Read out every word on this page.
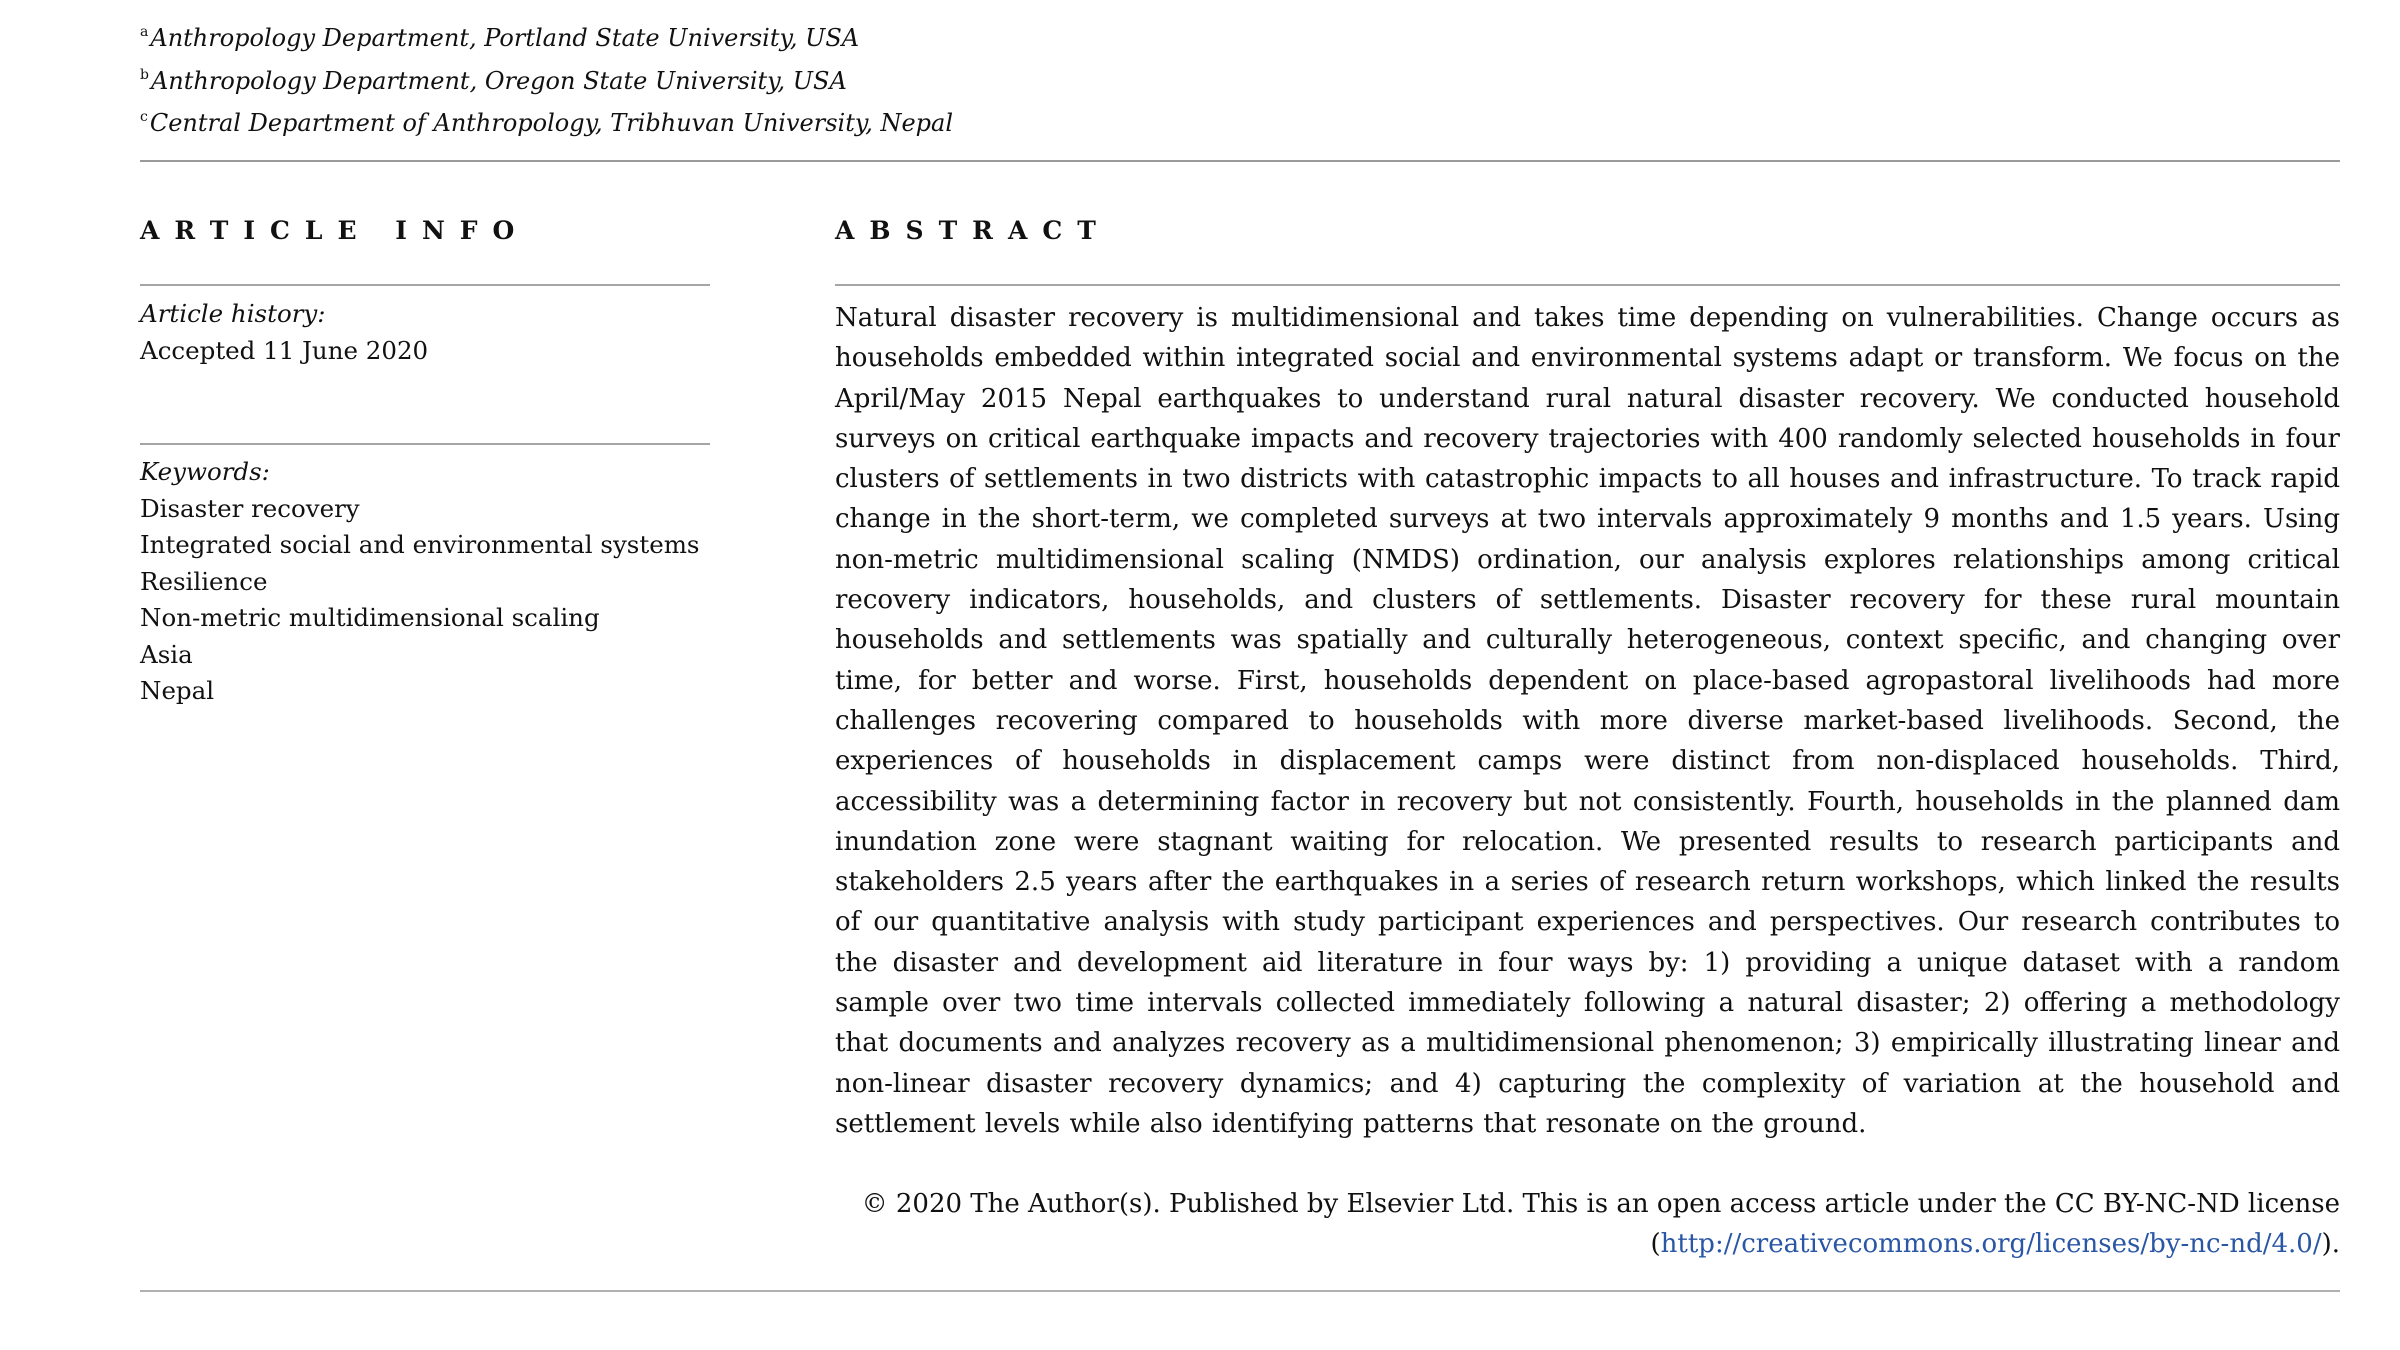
$^a$Anthropology Department, Portland State University, USA
$^b$Anthropology Department, Oregon State University, USA
$^c$Central Department of Anthropology, Tribhuvan University, Nepal
ARTICLE INFO	ABSTRACT
Article history:
Accepted 11 June 2020
Keywords:
Disaster recovery
Integrated social and environmental systems
Resilience
Non-metric multidimensional scaling
Asia
Nepal
Natural disaster recovery is multidimensional and takes time depending on vulnerabilities. Change occurs as households embedded within integrated social and environmental systems adapt or transform. We focus on the April/May 2015 Nepal earthquakes to understand rural natural disaster recovery. We conducted household surveys on critical earthquake impacts and recovery trajectories with 400 randomly selected households in four clusters of settlements in two districts with catastrophic impacts to all houses and infrastructure. To track rapid change in the short-term, we completed surveys at two intervals approximately 9 months and 1.5 years. Using non-metric multidimensional scaling (NMDS) ordination, our analysis explores relationships among critical recovery indicators, households, and clusters of settlements. Disaster recovery for these rural mountain households and settlements was spatially and culturally heterogeneous, context specific, and changing over time, for better and worse. First, households dependent on place-based agropastoral livelihoods had more challenges recovering compared to households with more diverse market-based livelihoods. Second, the experiences of households in displacement camps were distinct from non-displaced households. Third, accessibility was a determining factor in recovery but not consistently. Fourth, households in the planned dam inundation zone were stagnant waiting for relocation. We presented results to research participants and stakeholders 2.5 years after the earthquakes in a series of research return workshops, which linked the results of our quantitative analysis with study participant experiences and perspectives. Our research contributes to the disaster and development aid literature in four ways by: 1) providing a unique dataset with a random sample over two time intervals collected immediately following a natural disaster; 2) offering a methodology that documents and analyzes recovery as a multidimensional phenomenon; 3) empirically illustrating linear and non-linear disaster recovery dynamics; and 4) capturing the complexity of variation at the household and settlement levels while also identifying patterns that resonate on the ground.
© 2020 The Author(s). Published by Elsevier Ltd. This is an open access article under the CC BY-NC-ND license (http://creativecommons.org/licenses/by-nc-nd/4.0/).
